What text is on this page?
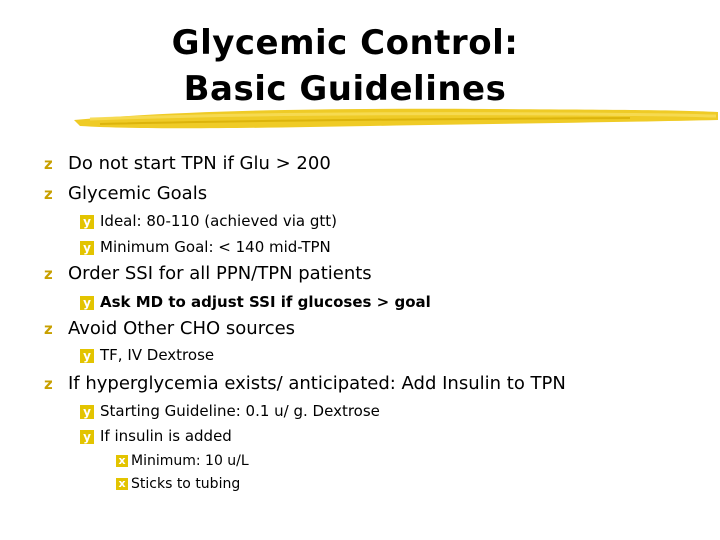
Glycemic Control:
Basic Guidelines
z Do not start TPN if Glu > 200
z Glycemic Goals
y Ideal: 80-110 (achieved via gtt)
y Minimum Goal: < 140 mid-TPN
z Order SSI for all PPN/TPN patients
y Ask MD to adjust SSI if glucoses > goal
z Avoid Other CHO sources
y TF, IV Dextrose
z If hyperglycemia exists/ anticipated: Add Insulin to TPN
y Starting Guideline: 0.1 u/ g. Dextrose
y If insulin is added
x Minimum: 10 u/L
x Sticks to tubing
